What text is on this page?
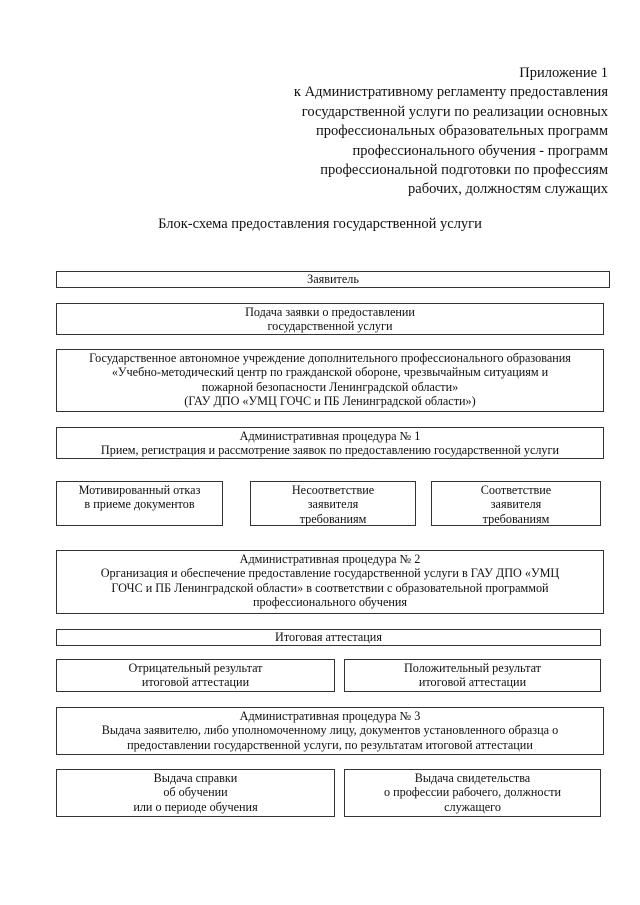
Приложение 1
к Административному регламенту предоставления
государственной услуги по реализации основных
профессиональных образовательных программ
профессионального обучения - программ
профессиональной подготовки по профессиям
рабочих, должностям служащих
Блок-схема предоставления государственной услуги
Заявитель
Подача заявки о предоставлении
государственной услуги
Государственное автономное учреждение дополнительного профессионального образования
«Учебно-методический центр по гражданской обороне, чрезвычайным ситуациям и
пожарной безопасности Ленинградской области»
(ГАУ ДПО «УМЦ ГОЧС и ПБ Ленинградской области»)
Административная процедура № 1
Прием, регистрация и рассмотрение заявок по предоставлению государственной услуги
Мотивированный отказ
в приеме документов
Несоответствие
заявителя
требованиям
Соответствие
заявителя
требованиям
Административная процедура № 2
Организация и обеспечение предоставление государственной услуги в ГАУ ДПО «УМЦ
ГОЧС и ПБ Ленинградской области» в соответствии с образовательной программой
профессионального обучения
Итоговая аттестация
Отрицательный результат
итоговой аттестации
Положительный результат
итоговой аттестации
Административная процедура № 3
Выдача заявителю, либо уполномоченному лицу, документов установленного образца о
предоставлении государственной услуги, по результатам итоговой аттестации
Выдача справки
об обучении
или о периоде обучения
Выдача свидетельства
о профессии рабочего, должности
служащего
